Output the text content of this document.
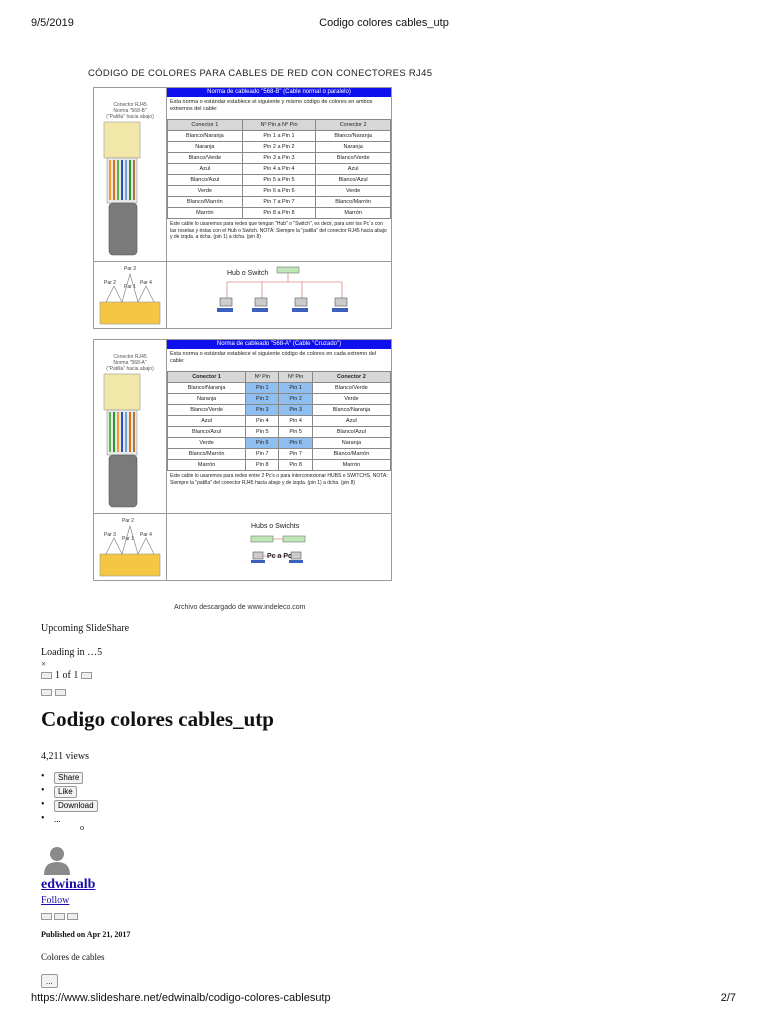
9/5/2019	Codigo colores cables_utp
CÓDIGO DE COLORES PARA CABLES DE RED CON CONECTORES RJ45
Conector RJ45
Norma "568-B"
("Patilla" hacia abajo)
Norma de cableado "568-B" (Cable normal o paralelo)
Esta norma o estándar establece el siguiente y mismo código de colores en ambos extremos del cable:
Conector 1	Nº Pin a Nº Pin	Conector 2
Blanco/Naranja	Pin 1 a Pin 1	Blanco/Naranja
Naranja	Pin 2 a Pin 2	Naranja
Blanco/Verde	Pin 3 a Pin 3	Blanco/Verde
Azul	Pin 4 a Pin 4	Azul
Blanco/Azul	Pin 5 a Pin 5	Blanco/Azul
Verde	Pin 6 a Pin 6	Verde
Blanco/Marrón	Pin 7 a Pin 7	Blanco/Marrón
Marrón	Pin 8 a Pin 8	Marrón
Este cable lo usaremos para redes que tengan "Hub" o "Switch", es decir, para unir los Pc´s con las rosetas y éstas con el Hub o Switch. NOTA: Siempre la "patilla" del conector RJ45 hacia abajo y de izqda. a dcha. (pin 1) a dcha. (pin 8)
Par 3
Par 2
Par 1
Par 4
Hub o Switch
Conector RJ45
Norma "568-A"
("Patilla" hacia abajo)
Norma de cableado "568-A" (Cable "Cruzado")
Esta norma o estándar establece el siguiente código de colores en cada extremo del cable:
Conector 1	Nº Pin	Nº Pin	Conector 2
Blanco/Naranja	Pin 1	Pin 1	Blanco/Verde
Naranja	Pin 2	Pin 2	Verde
Blanco/Verde	Pin 3	Pin 3	Blanco/Naranja
Azul	Pin 4	Pin 4	Azul
Blanco/Azul	Pin 5	Pin 5	Blanco/Azul
Verde	Pin 6	Pin 6	Naranja
Blanco/Marrón	Pin 7	Pin 7	Blanco/Marrón
Marrón	Pin 8	Pin 8	Marrón
Este cable lo usaremos para redes entre 2 Pc's o para interconexionar HUBS o SWITCHS. NOTA: Siempre la "patilla" del conector RJ45 hacia abajo y de izqda. (pin 1) a dcha. (pin 8)
Par 2
Par 3
Par 1
Par 4
Hubs o Swichts
Pc a Pc
Archivo descargado de www.indeleco.com
Upcoming SlideShare
Loading in …5
×
1 of 1
Codigo colores cables_utp
4,211 views
• Share
• Like
• Download
• ...
o
edwinalb
Follow
Published on Apr 21, 2017
Colores de cables
...
https://www.slideshare.net/edwinalb/codigo-colores-cablesutp	2/7
